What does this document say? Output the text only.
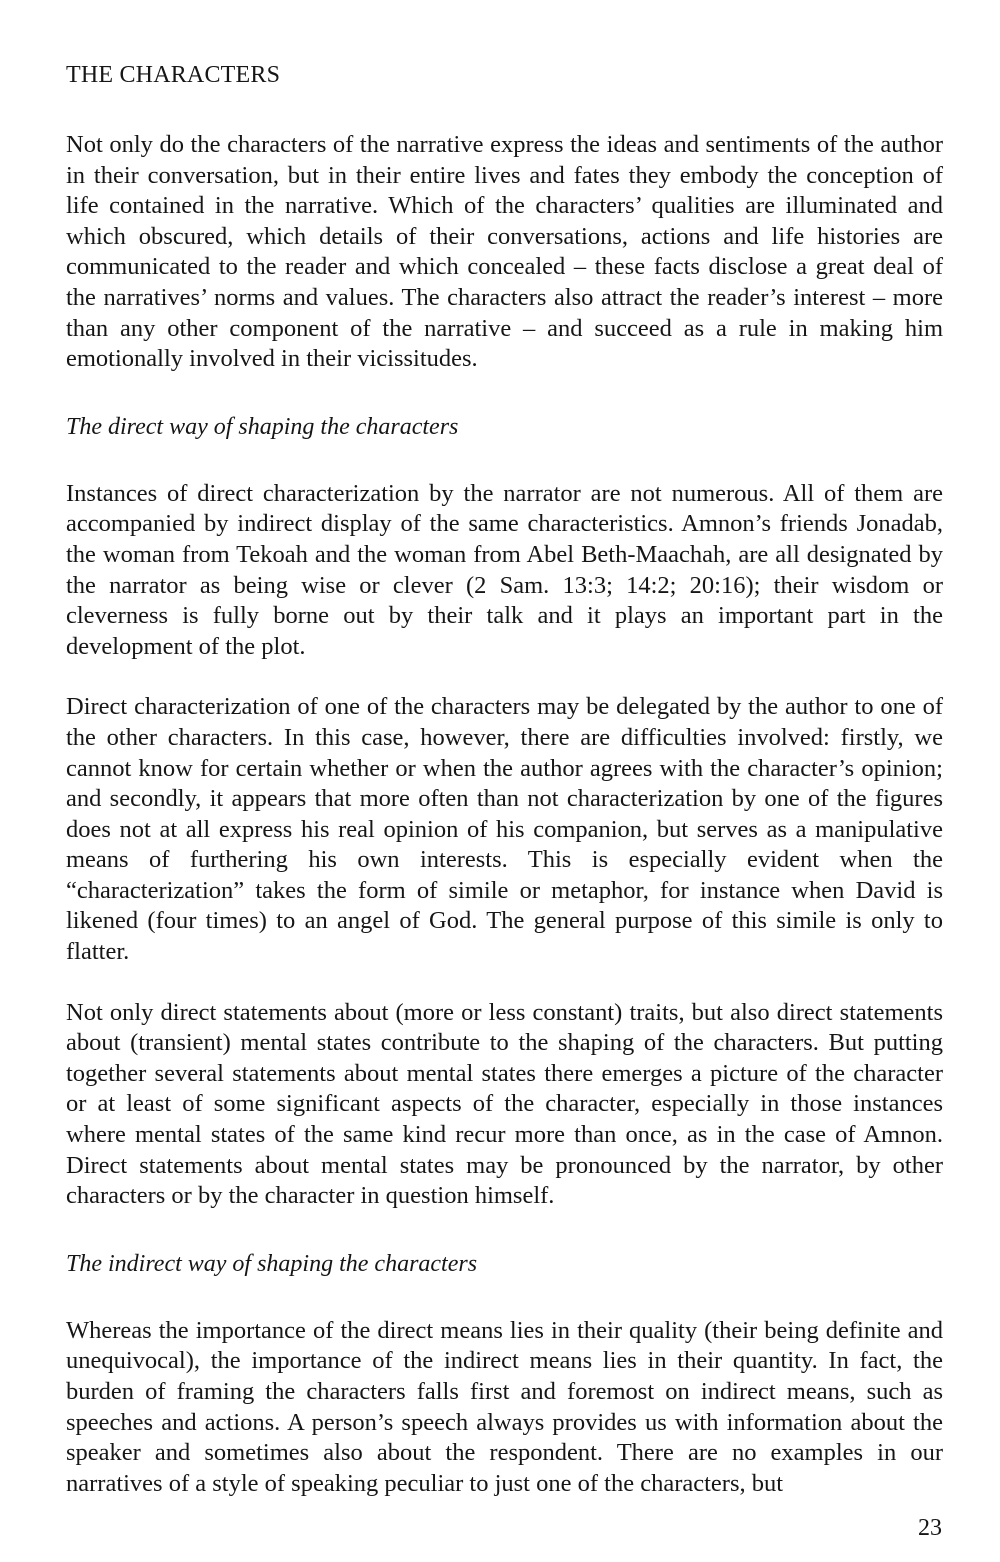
THE CHARACTERS

Not only do the characters of the narrative express the ideas and sentiments of the author in their conversation, but in their entire lives and fates they embody the conception of life contained in the narrative. Which of the characters’ qualities are illuminated and which obscured, which details of their conversations, actions and life histories are communicated to the reader and which concealed – these facts disclose a great deal of the narratives’ norms and values. The characters also attract the reader’s interest – more than any other component of the narrative – and succeed as a rule in making him emotionally involved in their vicissitudes.

The direct way of shaping the characters

Instances of direct characterization by the narrator are not numerous. All of them are accompanied by indirect display of the same characteristics. Amnon’s friends Jonadab, the woman from Tekoah and the woman from Abel Beth-Maachah, are all designated by the narrator as being wise or clever (2 Sam. 13:3; 14:2; 20:16); their wisdom or cleverness is fully borne out by their talk and it plays an important part in the development of the plot.

Direct characterization of one of the characters may be delegated by the author to one of the other characters. In this case, however, there are difficulties involved: firstly, we cannot know for certain whether or when the author agrees with the character’s opinion; and secondly, it appears that more often than not characterization by one of the figures does not at all express his real opinion of his companion, but serves as a manipulative means of furthering his own interests. This is especially evident when the “characterization” takes the form of simile or metaphor, for instance when David is likened (four times) to an angel of God. The general purpose of this simile is only to flatter.

Not only direct statements about (more or less constant) traits, but also direct statements about (transient) mental states contribute to the shaping of the characters. But putting together several statements about mental states there emerges a picture of the character or at least of some significant aspects of the character, especially in those instances where mental states of the same kind recur more than once, as in the case of Amnon. Direct statements about mental states may be pronounced by the narrator, by other characters or by the character in question himself.

The indirect way of shaping the characters

Whereas the importance of the direct means lies in their quality (their being definite and unequivocal), the importance of the indirect means lies in their quantity. In fact, the burden of framing the characters falls first and foremost on indirect means, such as speeches and actions. A person’s speech always provides us with information about the speaker and sometimes also about the respondent. There are no examples in our narratives of a style of speaking peculiar to just one of the characters, but

23
